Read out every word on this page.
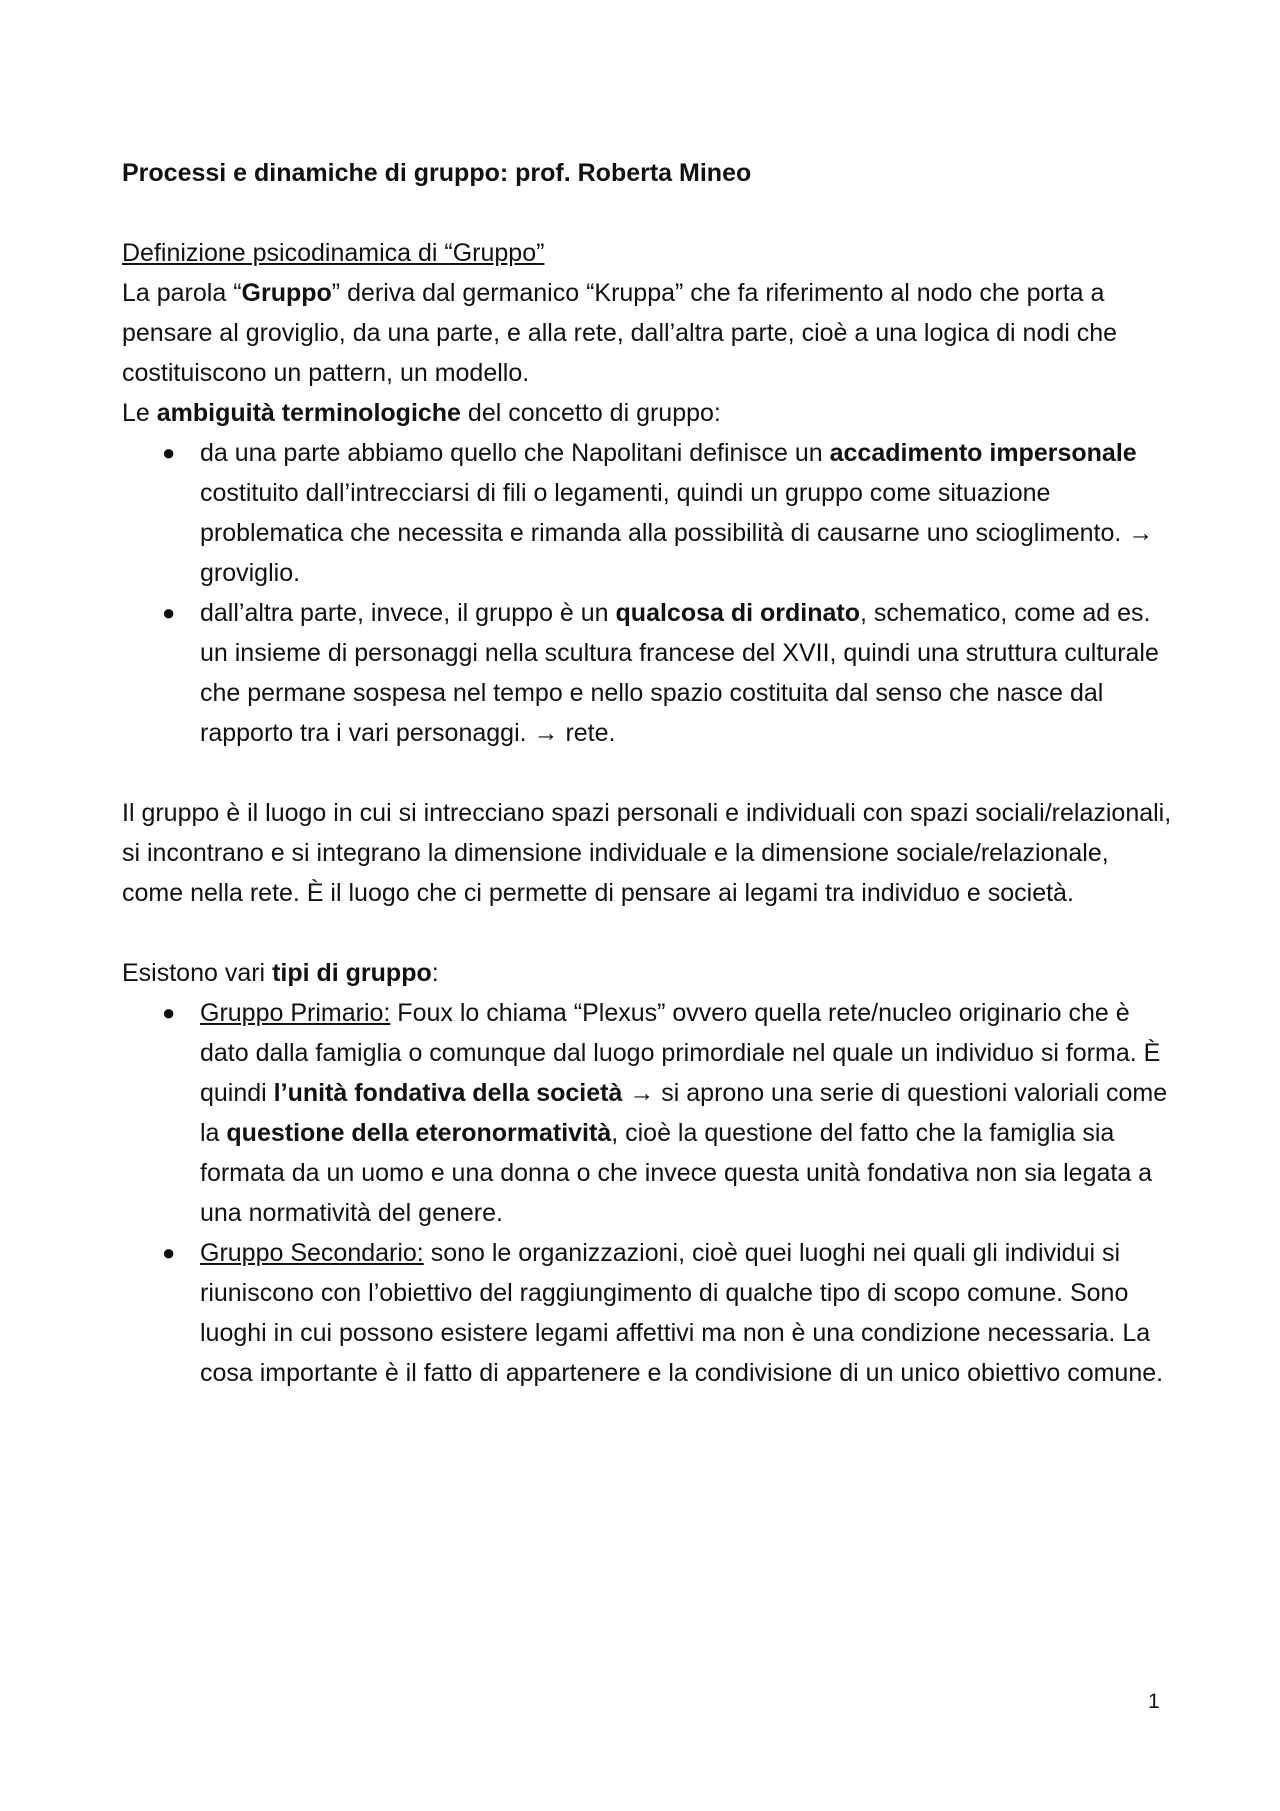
Processi e dinamiche di gruppo: prof. Roberta Mineo

Definizione psicodinamica di “Gruppo”

La parola “Gruppo” deriva dal germanico “Kruppa” che fa riferimento al nodo che porta a pensare al groviglio, da una parte, e alla rete, dall’altra parte, cioè a una logica di nodi che costituiscono un pattern, un modello.

Le ambiguità terminologiche del concetto di gruppo:

● da una parte abbiamo quello che Napolitani definisce un accadimento impersonale costituito dall’intrecciarsi di fili o legamenti, quindi un gruppo come situazione problematica che necessita e rimanda alla possibilità di causarne uno scioglimento. → groviglio.
● dall’altra parte, invece, il gruppo è un qualcosa di ordinato, schematico, come ad es. un insieme di personaggi nella scultura francese del XVII, quindi una struttura culturale che permane sospesa nel tempo e nello spazio costituita dal senso che nasce dal rapporto tra i vari personaggi. → rete.

Il gruppo è il luogo in cui si intrecciano spazi personali e individuali con spazi sociali/relazionali, si incontrano e si integrano la dimensione individuale e la dimensione sociale/relazionale, come nella rete. È il luogo che ci permette di pensare ai legami tra individuo e società.

Esistono vari tipi di gruppo:

● Gruppo Primario: Foux lo chiama “Plexus” ovvero quella rete/nucleo originario che è dato dalla famiglia o comunque dal luogo primordiale nel quale un individuo si forma. È quindi l’unità fondativa della società → si aprono una serie di questioni valoriali come la questione della eteronormatività, cioè la questione del fatto che la famiglia sia formata da un uomo e una donna o che invece questa unità fondativa non sia legata a una normatività del genere.
● Gruppo Secondario: sono le organizzazioni, cioè quei luoghi nei quali gli individui si riuniscono con l’obiettivo del raggiungimento di qualche tipo di scopo comune. Sono luoghi in cui possono esistere legami affettivi ma non è una condizione necessaria. La cosa importante è il fatto di appartenere e la condivisione di un unico obiettivo comune.
1
